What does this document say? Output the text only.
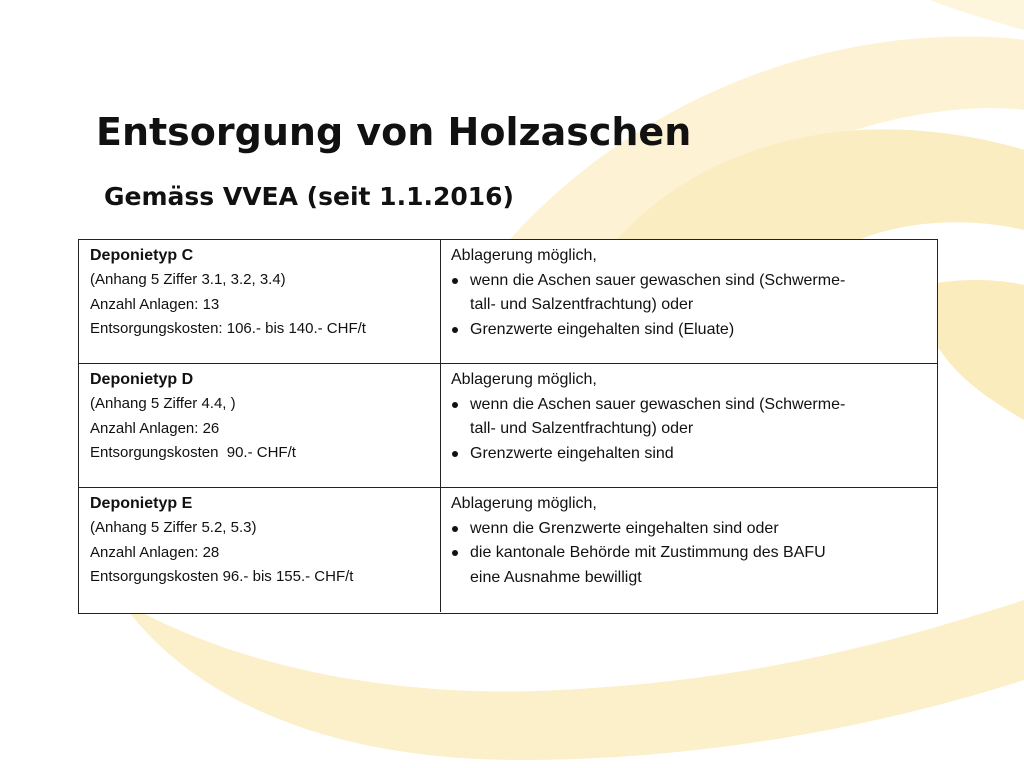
Entsorgung von Holzaschen
Gemäss VVEA (seit 1.1.2016)
Deponietyp C
(Anhang 5 Ziffer 3.1, 3.2, 3.4)
Anzahl Anlagen: 13
Entsorgungskosten: 106.- bis 140.- CHF/t
Ablagerung möglich,
wenn die Aschen sauer gewaschen sind (Schwerme-
tall- und Salzentfrachtung) oder
Grenzwerte eingehalten sind (Eluate)
Deponietyp D
(Anhang 5 Ziffer 4.4, )
Anzahl Anlagen: 26
Entsorgungskosten  90.- CHF/t
Ablagerung möglich,
wenn die Aschen sauer gewaschen sind (Schwerme-
tall- und Salzentfrachtung) oder
Grenzwerte eingehalten sind
Deponietyp E
(Anhang 5 Ziffer 5.2, 5.3)
Anzahl Anlagen: 28
Entsorgungskosten 96.- bis 155.- CHF/t
Ablagerung möglich,
wenn die Grenzwerte eingehalten sind oder
die kantonale Behörde mit Zustimmung des BAFU
eine Ausnahme bewilligt
